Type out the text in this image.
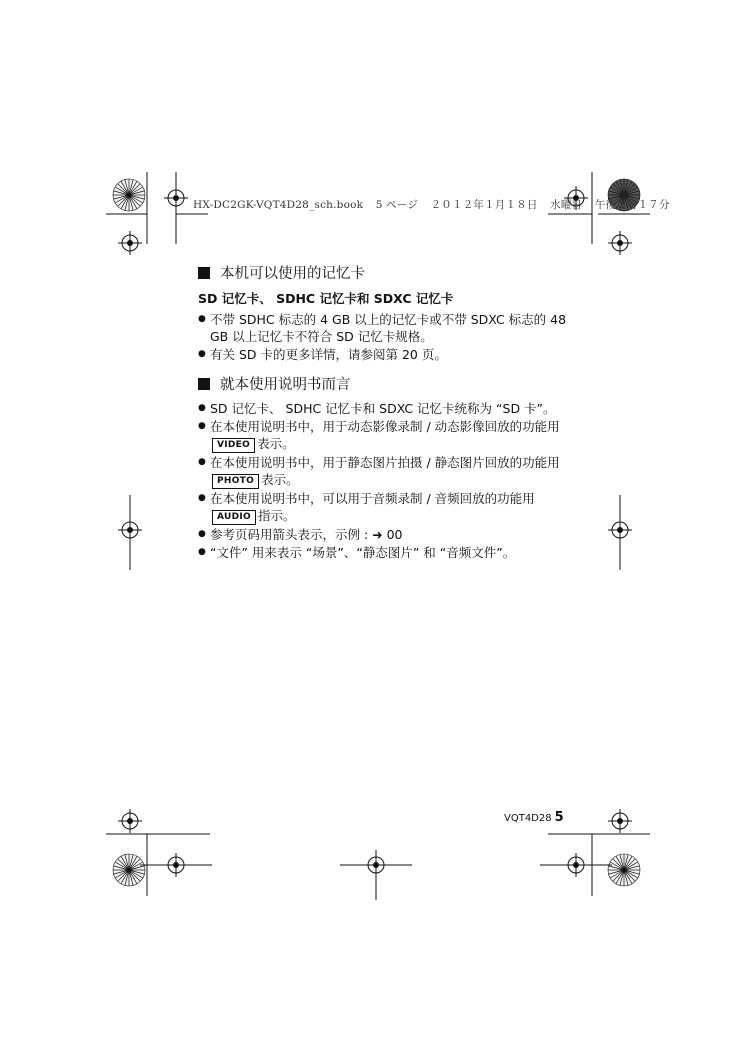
HX-DC2GK-VQT4D28_sch.book 5 ページ ２０１２年１月１８日 水曜日 午後２時１７分
本机可以使用的记忆卡
SD 记忆卡、 SDHC 记忆卡和 SDXC 记忆卡
● 不带 SDHC 标志的 4 GB 以上的记忆卡或不带 SDXC 标志的 48 GB 以上记忆卡不符合 SD 记忆卡规格。
● 有关 SD 卡的更多详情，请参阅第 20 页。
就本使用说明书而言
● SD 记忆卡、 SDHC 记忆卡和 SDXC 记忆卡统称为 “SD 卡”。
● 在本使用说明书中，用于动态影像录制 / 动态影像回放的功能用VIDEO 表示。
● 在本使用说明书中，用于静态图片拍摄 / 静态图片回放的功能用PHOTO 表示。
● 在本使用说明书中，可以用于音频录制 / 音频回放的功能用AUDIO 指示。
● 参考页码用箭头表示，示例 : ➜ 00
● “文件” 用来表示 “场景”、“静态图片” 和 “音频文件”。
VQT4D28 5
